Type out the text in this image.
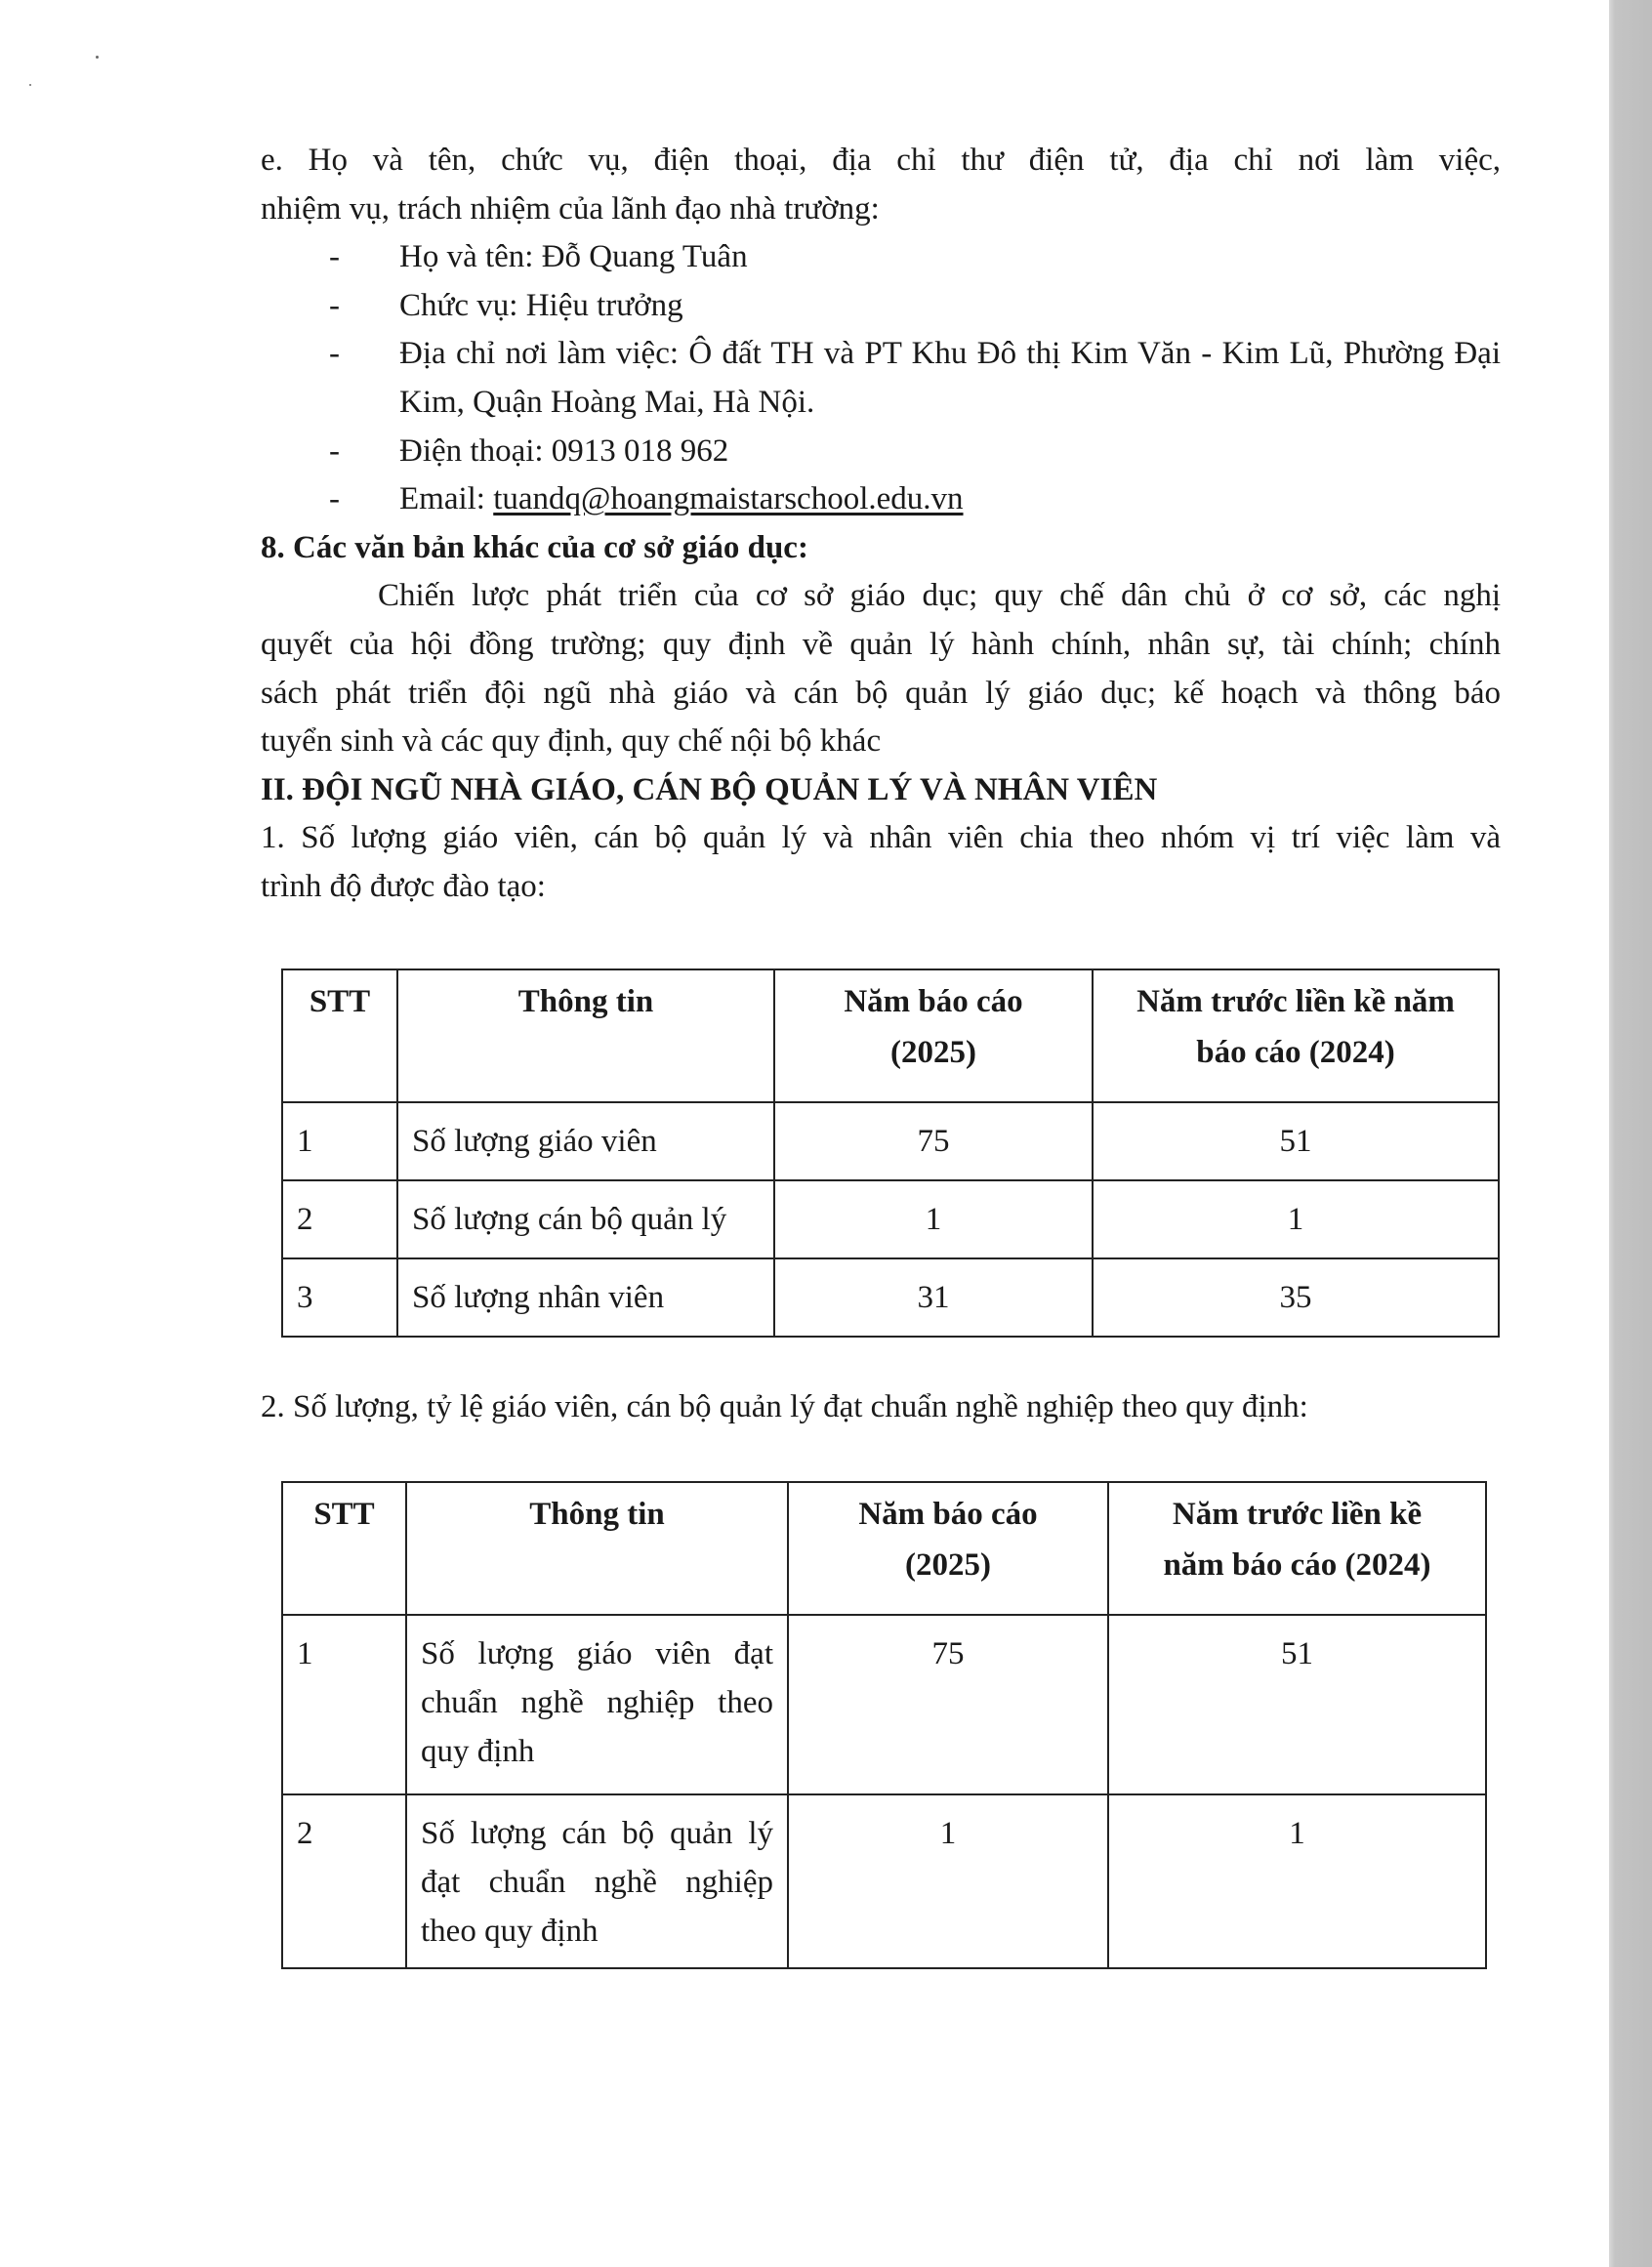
e. Họ và tên, chức vụ, điện thoại, địa chỉ thư điện tử, địa chỉ nơi làm việc,

nhiệm vụ, trách nhiệm của lãnh đạo nhà trường:

-	Họ và tên: Đỗ Quang Tuân
-	Chức vụ: Hiệu trưởng
-	Địa chỉ nơi làm việc: Ô đất TH và PT Khu Đô thị Kim Văn - Kim Lũ, Phường Đại Kim, Quận Hoàng Mai, Hà Nội.
-	Điện thoại: 0913 018 962
-	Email: tuandq@hoangmaistarschool.edu.vn

8. Các văn bản khác của cơ sở giáo dục:

Chiến lược phát triển của cơ sở giáo dục; quy chế dân chủ ở cơ sở, các nghị

quyết của hội đồng trường; quy định về quản lý hành chính, nhân sự, tài chính; chính

sách phát triển đội ngũ nhà giáo và cán bộ quản lý giáo dục; kế hoạch và thông báo

tuyển sinh và các quy định, quy chế nội bộ khác

II. ĐỘI NGŨ NHÀ GIÁO, CÁN BỘ QUẢN LÝ VÀ NHÂN VIÊN

1. Số lượng giáo viên, cán bộ quản lý và nhân viên chia theo nhóm vị trí việc làm và

trình độ được đào tạo:

STT	Thông tin	Năm báo cáo (2025)	Năm trước liền kề năm báo cáo (2024)
1	Số lượng giáo viên	75	51
2	Số lượng cán bộ quản lý	1	1
3	Số lượng nhân viên	31	35

2. Số lượng, tỷ lệ giáo viên, cán bộ quản lý đạt chuẩn nghề nghiệp theo quy định:

STT	Thông tin	Năm báo cáo (2025)	Năm trước liền kề năm báo cáo (2024)
1	Số lượng giáo viên đạt chuẩn nghề nghiệp theo quy định	75	51
2	Số lượng cán bộ quản lý đạt chuẩn nghề nghiệp theo quy định	1	1
